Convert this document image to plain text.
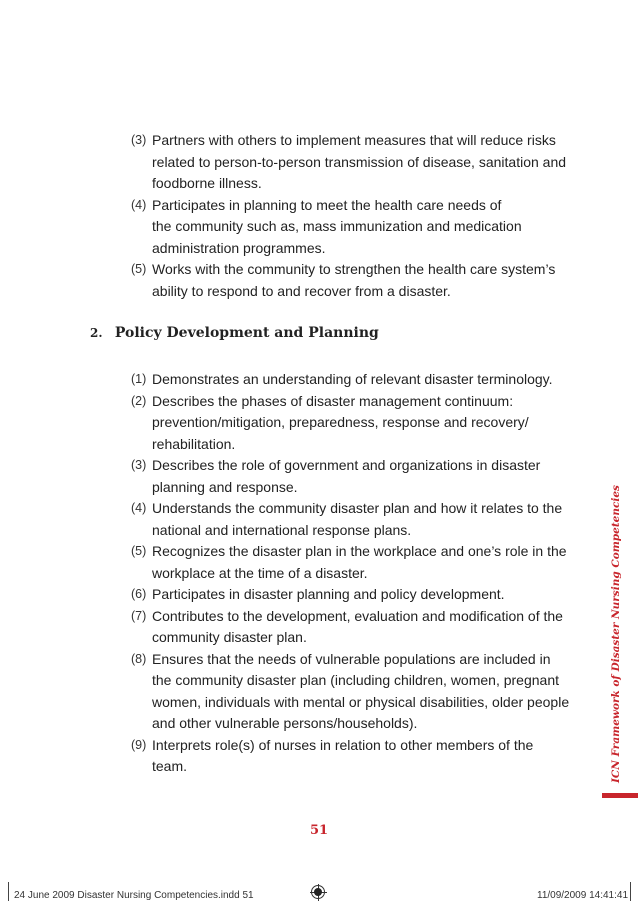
(3) Partners with others to implement measures that will reduce risks
related to person-to-person transmission of disease, sanitation and
foodborne illness.
(4) Participates in planning to meet the health care needs of
the community such as, mass immunization and medication
administration programmes.
(5) Works with the community to strengthen the health care system’s
ability to respond to and recover from a disaster.
2. Policy Development and Planning
(1) Demonstrates an understanding of relevant disaster terminology.
(2) Describes the phases of disaster management continuum:
prevention/mitigation, preparedness, response and recovery/
rehabilitation.
(3) Describes the role of government and organizations in disaster
planning and response.
(4) Understands the community disaster plan and how it relates to the
national and international response plans.
(5) Recognizes the disaster plan in the workplace and one’s role in the
workplace at the time of a disaster.
(6) Participates in disaster planning and policy development.
(7) Contributes to the development, evaluation and modification of the
community disaster plan.
(8) Ensures that the needs of vulnerable populations are included in
the community disaster plan (including children, women, pregnant
women, individuals with mental or physical disabilities, older people
and other vulnerable persons/households).
(9) Interprets role(s) of nurses in relation to other members of the
team.	ICN Framework of Disaster Nursing Competencies
51
24 June 2009 Disaster Nursing Competencies.indd 51	11/09/2009 14:41:41
